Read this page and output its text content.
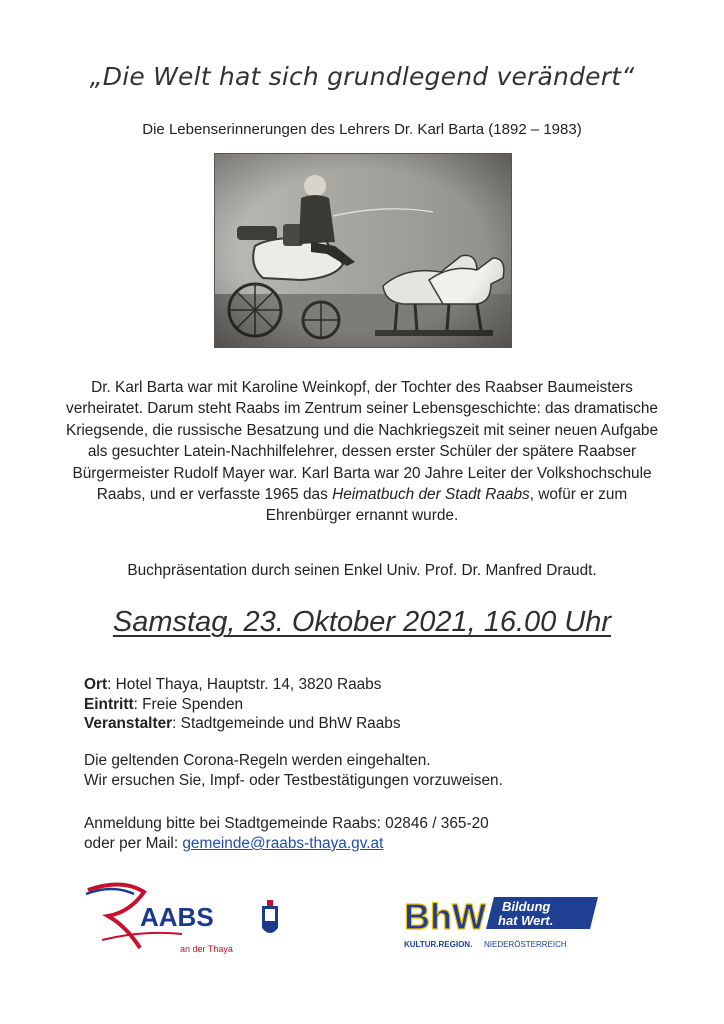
„Die Welt hat sich grundlegend verändert“
Die Lebenserinnerungen des Lehrers Dr. Karl Barta (1892 – 1983)
Dr. Karl Barta war mit Karoline Weinkopf, der Tochter des Raabser Baumeisters verheiratet. Darum steht Raabs im Zentrum seiner Lebensgeschichte: das dramatische Kriegsende, die russische Besatzung und die Nachkriegszeit mit seiner neuen Aufgabe als gesuchter Latein-Nachhilfelehrer, dessen erster Schüler der spätere Raabser Bürgermeister Rudolf Mayer war. Karl Barta war 20 Jahre Leiter der Volkshochschule Raabs, und er verfasste 1965 das Heimatbuch der Stadt Raabs, wofür er zum Ehrenbürger ernannt wurde.
Buchpräsentation durch seinen Enkel Univ. Prof. Dr. Manfred Draudt.
Samstag, 23. Oktober 2021, 16.00 Uhr
Ort: Hotel Thaya, Hauptstr. 14, 3820 Raabs
Eintritt: Freie Spenden
Veranstalter: Stadtgemeinde und BhW Raabs
Die geltenden Corona-Regeln werden eingehalten.
Wir ersuchen Sie, Impf- oder Testbestätigungen vorzuweisen.
Anmeldung bitte bei Stadtgemeinde Raabs: 02846 / 365-20
oder per Mail: gemeinde@raabs-thaya.gv.at
AABS
an der Thaya
Bildung
hat Wert.
BhW
KULTUR.REGION. NIEDERÖSTERREICH
